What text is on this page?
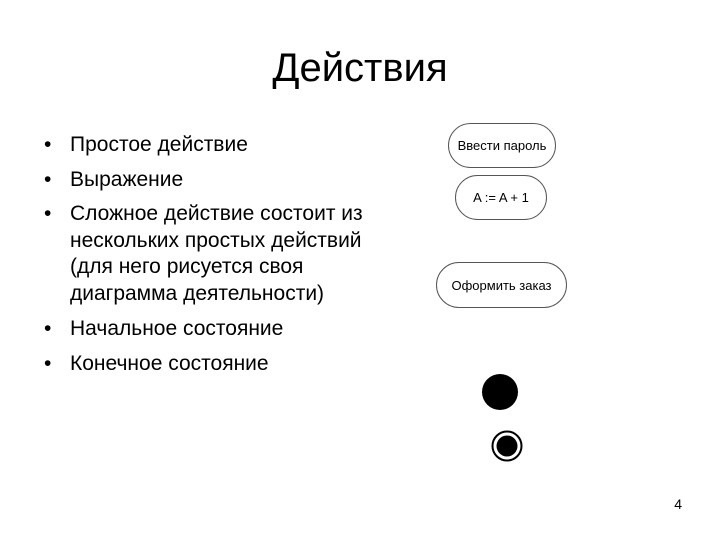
Действия
• Простое действие
• Выражение
• Сложное действие состоит из нескольких простых действий (для него рисуется своя диаграмма деятельности)
• Начальное состояние
• Конечное состояние
Ввести пароль
A := A + 1
Оформить заказ
4
